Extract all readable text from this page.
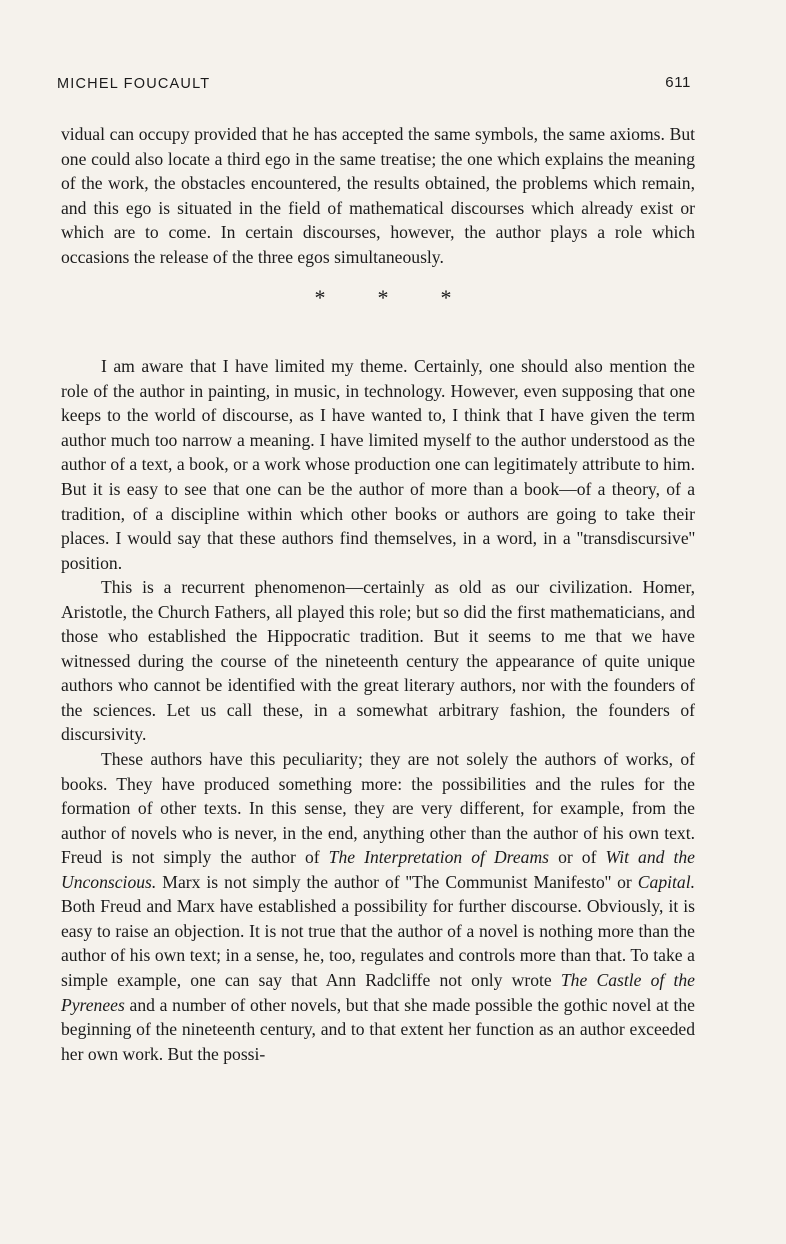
MICHEL FOUCAULT	611

vidual can occupy provided that he has accepted the same symbols, the same axioms. But one could also locate a third ego in the same treatise; the one which explains the meaning of the work, the obstacles encountered, the results obtained, the problems which remain, and this ego is situated in the field of mathematical discourses which already exist or which are to come. In certain discourses, however, the author plays a role which occasions the release of the three egos simultaneously.

* * *

I am aware that I have limited my theme. Certainly, one should also mention the role of the author in painting, in music, in technology. However, even supposing that one keeps to the world of discourse, as I have wanted to, I think that I have given the term author much too narrow a meaning. I have limited myself to the author understood as the author of a text, a book, or a work whose production one can legitimately attribute to him. But it is easy to see that one can be the author of more than a book—of a theory, of a tradition, of a discipline within which other books or authors are going to take their places. I would say that these authors find themselves, in a word, in a ''transdiscursive'' position.

This is a recurrent phenomenon—certainly as old as our civilization. Homer, Aristotle, the Church Fathers, all played this role; but so did the first mathematicians, and those who established the Hippocratic tradition. But it seems to me that we have witnessed during the course of the nineteenth century the appearance of quite unique authors who cannot be identified with the great literary authors, nor with the founders of the sciences. Let us call these, in a somewhat arbitrary fashion, the founders of discursivity.

These authors have this peculiarity; they are not solely the authors of works, of books. They have produced something more: the possibilities and the rules for the formation of other texts. In this sense, they are very different, for example, from the author of novels who is never, in the end, anything other than the author of his own text. Freud is not simply the author of The Interpretation of Dreams or of Wit and the Unconscious. Marx is not simply the author of ''The Communist Manifesto'' or Capital. Both Freud and Marx have established a possibility for further discourse. Obviously, it is easy to raise an objection. It is not true that the author of a novel is nothing more than the author of his own text; in a sense, he, too, regulates and controls more than that. To take a simple example, one can say that Ann Radcliffe not only wrote The Castle of the Pyrenees and a number of other novels, but that she made possible the gothic novel at the beginning of the nineteenth century, and to that extent her function as an author exceeded her own work. But the possi-
